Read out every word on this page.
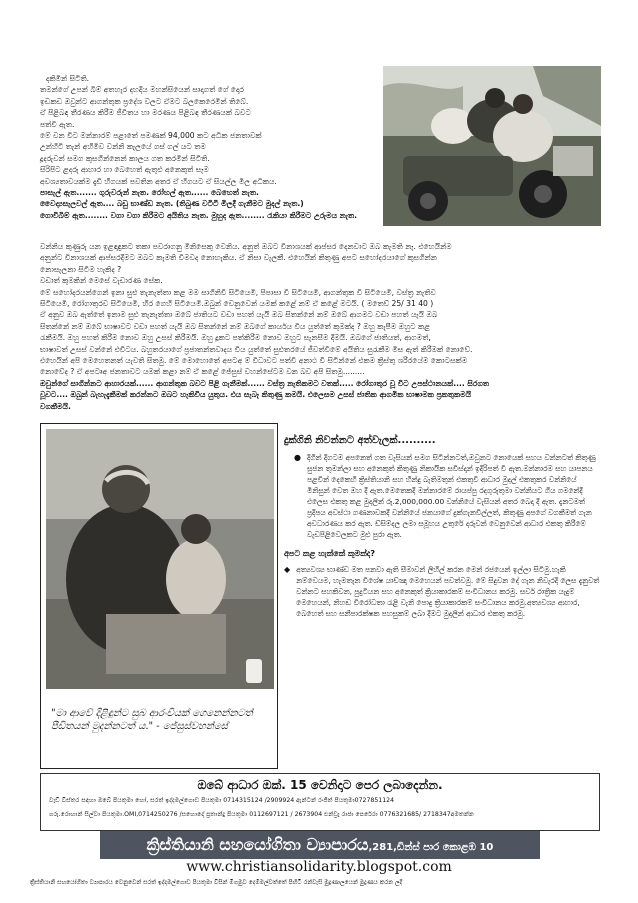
දකිමින් සිටිති.

තමන්ගේ උපන් බිම් අතහැර දහදිය මහන්සියෙන් සාදාගත් ගේ දොර

ඉඩකඩ ඔවුන්ට ආගන්තුක ප්‍රදේශ වලට ඒමට බලකෙරෙමින් තිබේ.

ඒ පිළිබඳ තීරණය කිරීම ජීවිතය හා මරණය පිළිබඳ තීරණයක් බවට

පත්වී ඇත.

මේ වන විට මන්නාරම් පළාතේ පමණක් 94,000 කට අධික ජනතාවක්

උන්හිටි තැන් අහිමිව වන්නි කැලයේ ගස් ගල් යට තම

දූදරුවන් සමග කුසගින්නෙන් කාලය ගත කරමින් සිටිති.

සිරිපිට ළදරු ආහාර හා බෙහෙත් ඇතුළු අනෙකුත් සෑම

අවශ්‍යතාවයක්ම දැඩි හිගයක් පවතින අතර ඒ හිගයට ඒ සියල්ල මිල අධිකය.

පාසැල් ඇත....... ගුරුවරුන් නැත. රෝහල් ඇත...... බෙහෙත් නැත.

වෛද්‍යසැලවල් ඇත.... බඩු භාණ්ඩ නැත. (තිබුණ වටිටී මිලදී ගැනීමට මුදල් නැත.)

ගොවිබිම් ඇත........ වගා වගා කිරීමට අයිතිය නැත. මුහුද ඇත........ රැකියා කිරීමට උරුමය නැත.

වන්නිය කුණුරු යන ඉළඳාඳුකට තකා පවරාගනු මිනිසෙකු වෙනිය. අනුත් ඔබට විනාශයක් ආප්සර දෙනවාට ඔබ කැමති නෑ. එහෙයින්ම

අනුන්ට විනාශයක් ආප්සරදීමට ඔබට කැමති විමවද නොහැකිය. ඒ නිසා වැලකී. එහෙයින් කිතුණු අපට සහෝදරයාගේ කුසගින්න

නොසැලනා සිටීම හැකිද ?

වඩාත් කුමකින් මෙසේ වැඩාරණ සේක.

මේ සහෝදරයන්ගෙන් ඉනා සුළු තැනැත්තා කළ මම සාගිනිවී සිටියෙමි, පිපාසා වී සිටියෙමි, ආගන්තුක වී සිටියෙමි, වස්ත්‍ර නැතිව

සිටියෙමි, රෝගාතුරව සිටියෙමි, හිර ගෙහි සිටියෙමි.ඔබුන් වෙනුවෙන් යමක් කළේ නම් ඒ කළේ මටයි. ( මතෙව් 25/ 31 40 )

ඒ අනුව ඔබ ඇත්තේ ඉනාම සුළු තැනැත්තා ඔබේ ජාතියට වඩා පහත් යැයි ඔබ සිතන්නේ නම් ඔබේ ආගමට වඩා පහත් යැයි ඔබ

සිතන්නේ නම් ඔබේ භාෂාවට වඩා පහත් යැයි ඔබ සිතන්නේ නම් ඔබගේ කාර්යය විය යුත්තේ කුමක්ද ? ඔහු කැපීම ඔහුට කළ

රැකීමයි. ඔහු පහත් කිරීම නොව ඔහු උසස් කිරීමයි. ඔහු දූකට පත්කිරීම නොව ඔහුට සැනසීම දීමයි. ඔබගේ ජාතියත්, ආගමත්,

භාෂාවත් උසස් වන්නේ එවිටය. බහුතරයාගේ ප්‍රජාතන්තවාදය විය යුත්තේ සුළුතරයේ ජීවත්වීමේ අයිතිය සුරැකීම මිස ඇත් කිරීමක් නොවේ.

එහෙයින් අපි මෙහෙතනත් යැවති සිතමු. මේ මොහොතේ අපටඅ ම් විධාවට පත්වී අනාථ වී සිටින්නේ එකම ක්‍රිස්තු ශරීරයේම කොටසක්ම

නොවේද ? ඒ අපටෘඅ ජනතාවට යමක් කළා නම් ඒ කළේ ජේසුස් වහන්සේටම වන බව අපි සිතමු.........

ඔවුන්ගේ සාගින්නට ආහාරයක්...... ආගන්තුක බවට පිළි ගැනීමක්...... වස්ත්‍ර නැතිකමට වතක්..... රෝගාතුර වූ විට උපස්ථානයක්.... සිරගත

වූවට.... ඔබුන් බැහැදැකීමක් කරන්නට ඔබට හැකිවිය යුතුය. එය සැබෑ කිතුණු කමයි. එලෙසම උසස් ජාතික ආගමික භාෂාමක ප්‍රකතුකමයි

වගකීමයි.

"මා ආවේ දිළිඳුන්ට සුබ ආරංචියක් ගෙනෙන්නටත් පීඩිතයන් මුදන්නටත් ය." - ජේසුස්වහන්සේ
දුක්ගිනි නිවන්නට අත්වැලක්..........
● දිගින් දිගටම අපනෙත් ගත වැසියන් සමග සිටින්නටත්,ඔවුනට නොයෙක් සහය වන්නටත් කිතුණු සුජන තුමන්ලා සහ අනෙකුත් කිතුණු නිකායික සවිස්දාන් ඉදිරිපත් වී ඇත.මන්නාරම සහ යාපනය පළවින් දෙකෙහි ක්‍රිස්තියානි සහ හින්දු බැතිමතුන් එකතුවී ආධාර මුදල් එකතුකර වන්නියේ මිනිසුන් වෙත ඔහ දී ඇත.මෙතෙකදී මන්නාරමේ රායප්පු රදගුරුතුමා වන්නියට ගිය ගමනේදී එලෙස එකතු කළ මුදලින් රු.2,000,000.00 වන්නියේ වැසියන් අතර බෙදා දී ඇත. දැනටමත් ප්‍රදිපය අවස්ථා ගණනාවකදී වන්නියේ ජනයාගේ දුක්ගැනවිල්ලත්, කිතුණු අපගේ වගකීමත් ගැන අවධාරණය කර ඇත. ඩ්සිම්දල ලමා සමූහය උතුරේ දරුවන් වෙනුවෙන් ආධාර එකතු කිරීමේ වැඩපිළිවෙලකට මුළු පුරා ඇත.

අපට කළ හැක්කේ කුමක්ද?
◆ අත්‍යවශ්‍ය භාණ්ඩ මත පනවා ඇති සීමාවන් ලිහිල් කරන මෙන් රජයෙන් ඉල්ලා සිටිමු.හැකි නම්වෙයම, හැමතැන විශේෂ යාච්ඤා මෙහෙයන් පවත්වමු. මේ සිදුවන දේ ගැන නිවැරදි ලෙස දැනුවත් වන්නට සහකිවන, පුදුටියන සහ අනෙකුත් ක්‍රියාකාරකම් සංවිධානය කරමු. සර්ව රාත්‍රික යැදුම් මෙහෙයන්, නිහඬ විරෝධතා රැළි වැනි පොදු ක්‍රියාකාරකම් සංවිධානය කරමු.අත්‍යවශ්‍ය ආහාර, බෙහෙත් සහ සනීපාරක්ෂක පහසුකම් ලබා දීමට මුදලින් ආධාර එකතු කරමු.

ඔබේ ආධාර ඔක්. 15 වෙනිදාට පෙර ලබාදෙන්න.
වැඩි විස්තර සඳහා ඔබේ පියතුමා හෝ, සරත් ඉද්දමල්ගොඩ පියතුමා 0714315124 /2909924 ඇන්ටන් රංජිත් පියතුමා0727851124
ගරු.රොහාන් සිල්වා පියතුමා.OMI,0714250276 /සහොදෝ ප්‍රතාන්දු පියතුමා 0112697121 / 2673904 එන්ඩ්‍රෑ රාජා පෙරේරා 0776321685/ 2718347අමතන්න
ක්‍රිස්තියානි සහයෝගිතා ව්‍යාපාරය,281,ඩින්ස් පාර කොළඹ 10
www.christiansolidarity.blogspot.com
ක්‍රිස්තියානි සහයෝගිතා ව්‍යාපාරය වෙනුවෙන් සරත් ඉද්දමල්ගොඩ පියතුමා විසින් මිගමුව දෙම්මල්වත්තේ පිහිටි රන්වැසි මුද්‍රණාලයෙන් මුද්‍රණය කරන ලදී
